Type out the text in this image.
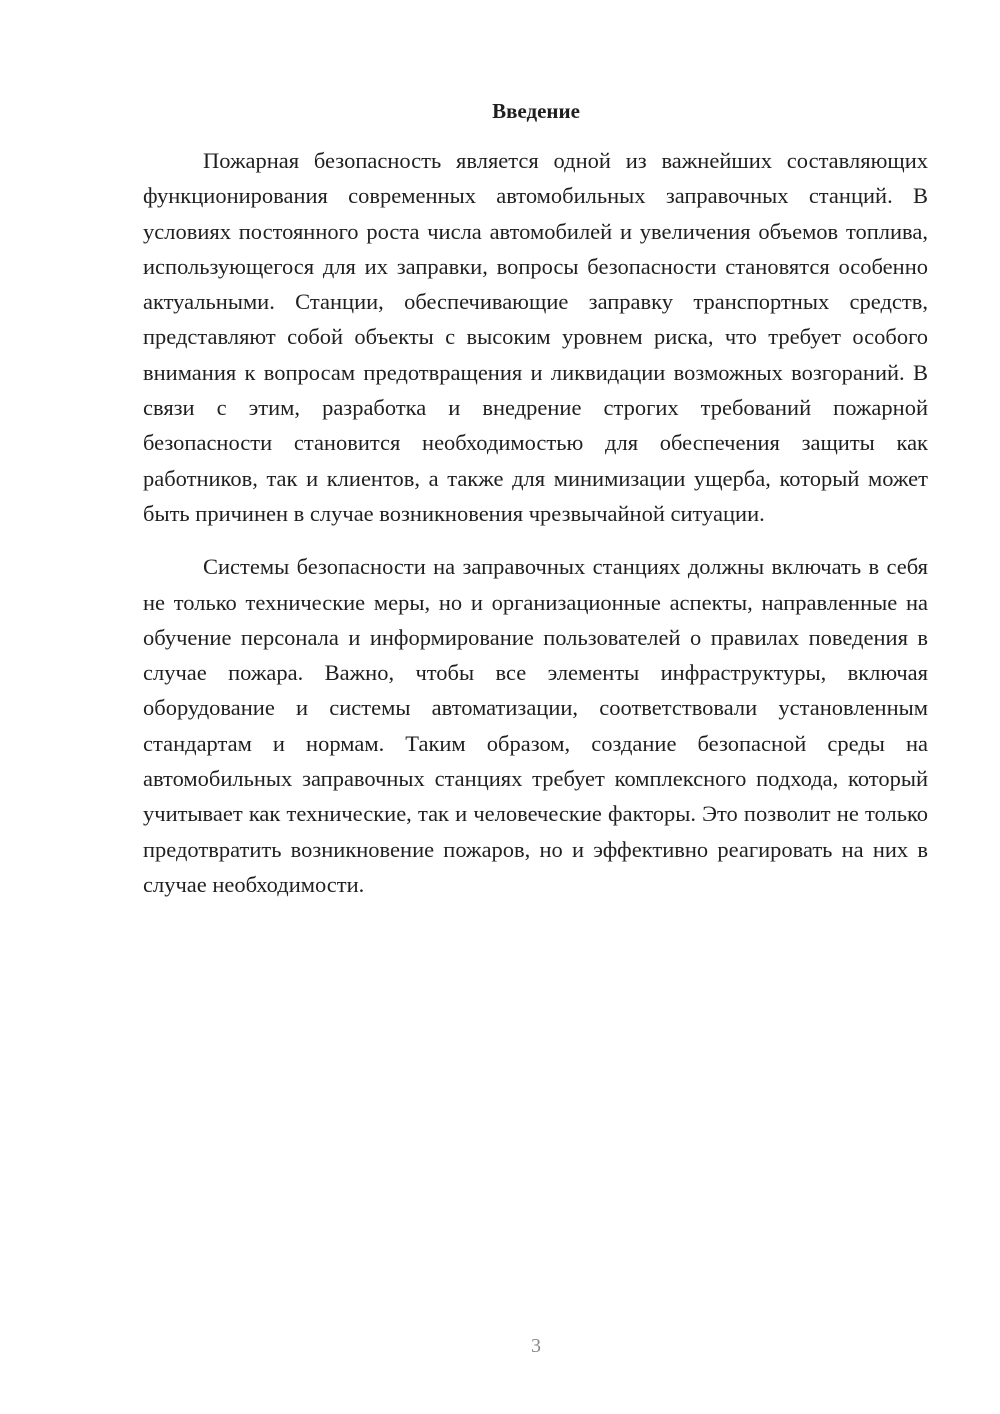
Введение

Пожарная безопасность является одной из важнейших составляющих функционирования современных автомобильных заправочных станций. В условиях постоянного роста числа автомобилей и увеличения объемов топлива, использующегося для их заправки, вопросы безопасности становятся особенно актуальными. Станции, обеспечивающие заправку транспортных средств, представляют собой объекты с высоким уровнем риска, что требует особого внимания к вопросам предотвращения и ликвидации возможных возгораний. В связи с этим, разработка и внедрение строгих требований пожарной безопасности становится необходимостью для обеспечения защиты как работников, так и клиентов, а также для минимизации ущерба, который может быть причинен в случае возникновения чрезвычайной ситуации.

Системы безопасности на заправочных станциях должны включать в себя не только технические меры, но и организационные аспекты, направленные на обучение персонала и информирование пользователей о правилах поведения в случае пожара. Важно, чтобы все элементы инфраструктуры, включая оборудование и системы автоматизации, соответствовали установленным стандартам и нормам. Таким образом, создание безопасной среды на автомобильных заправочных станциях требует комплексного подхода, который учитывает как технические, так и человеческие факторы. Это позволит не только предотвратить возникновение пожаров, но и эффективно реагировать на них в случае необходимости.

3
